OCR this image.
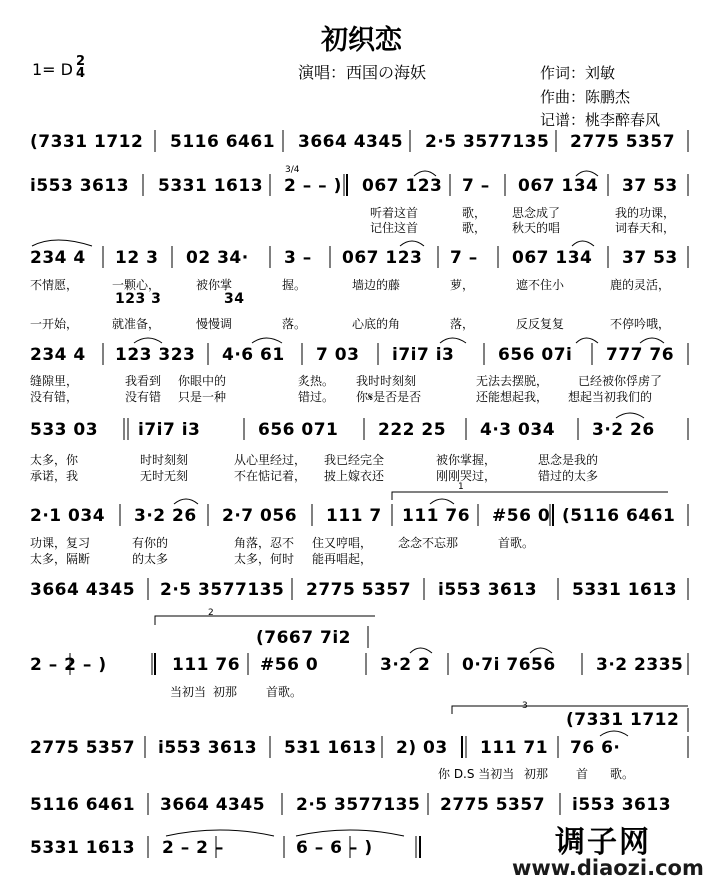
初织恋
1= D 2
4	演唱：西国の海妖	作词：刘敏
作曲：陈鹏杰
记谱：桃李醉春风
(7331 1712 5116 6461 3664 4345 2·5 3577135 2775 5357
i553 3613 5331 1613
3/4
2 – – ) 067 123 7 – 067 134 37 53
听着这首	歌， 思念成了	我的功课，
记住这首	歌， 秋天的唱	词春天和，
234 4 12 3 02 34· 3 – 067 123 7 – 067 134 37 53
不情愿，	一颗心，	被你掌	握。	墙边的藤	萝，	遮不住小	鹿的灵活，
123 3	34
一开始，	就准备，	慢慢调	落。	心底的角	落，	反反复复	不停吟哦，
234 4 123 323 4·6 61 7 03 i7i7 i3	656 07i 777 76
缝隙里，	我看到 你眼中的	炙热。 我时时刻刻	无法去摆脱， 已经被你俘虏了
没有错，	没有错 只是一种	错过。 你𝄋是否是否	还能想起我， 想起当初我们的
533 03 i7i7 i3	656 071 222 25 4·3 034 3·2 26
太多，你	时时刻刻	从心里经过， 我已经完全	被你掌握，	思念是我的
承诺，我	无时无刻	不在惦记着， 披上嫁衣还	刚刚哭过，	错过的太多
1
2·1 034 3·2 26 2·7 056 111 7 111 76 #56 0 (5116 6461
功课，复习	有你的	角落，忍不 住又哼唱， 念念不忘那	首歌。
太多，隔断	的太多	太多，何时 能再唱起，
3664 4345 2·5 3577135 2775 5357 i553 3613 5331 1613
2
(7667 7i2
2 – 2 – )	111 76 #56 0	3·2 2 0·7i 7656 3·2 2335
当初当 初那 首歌。
3
(7331 1712
2775 5357 i553 3613 531 1613 2) 03 111 71 76 6·
你 D.S 当初当 初那 首 歌。
5116 6461 3664 4345 2·5 3577135 2775 5357 i553 3613
5331 1613 2 – 2 –	6 – 6 – )	调子网
www.diaozi.com
